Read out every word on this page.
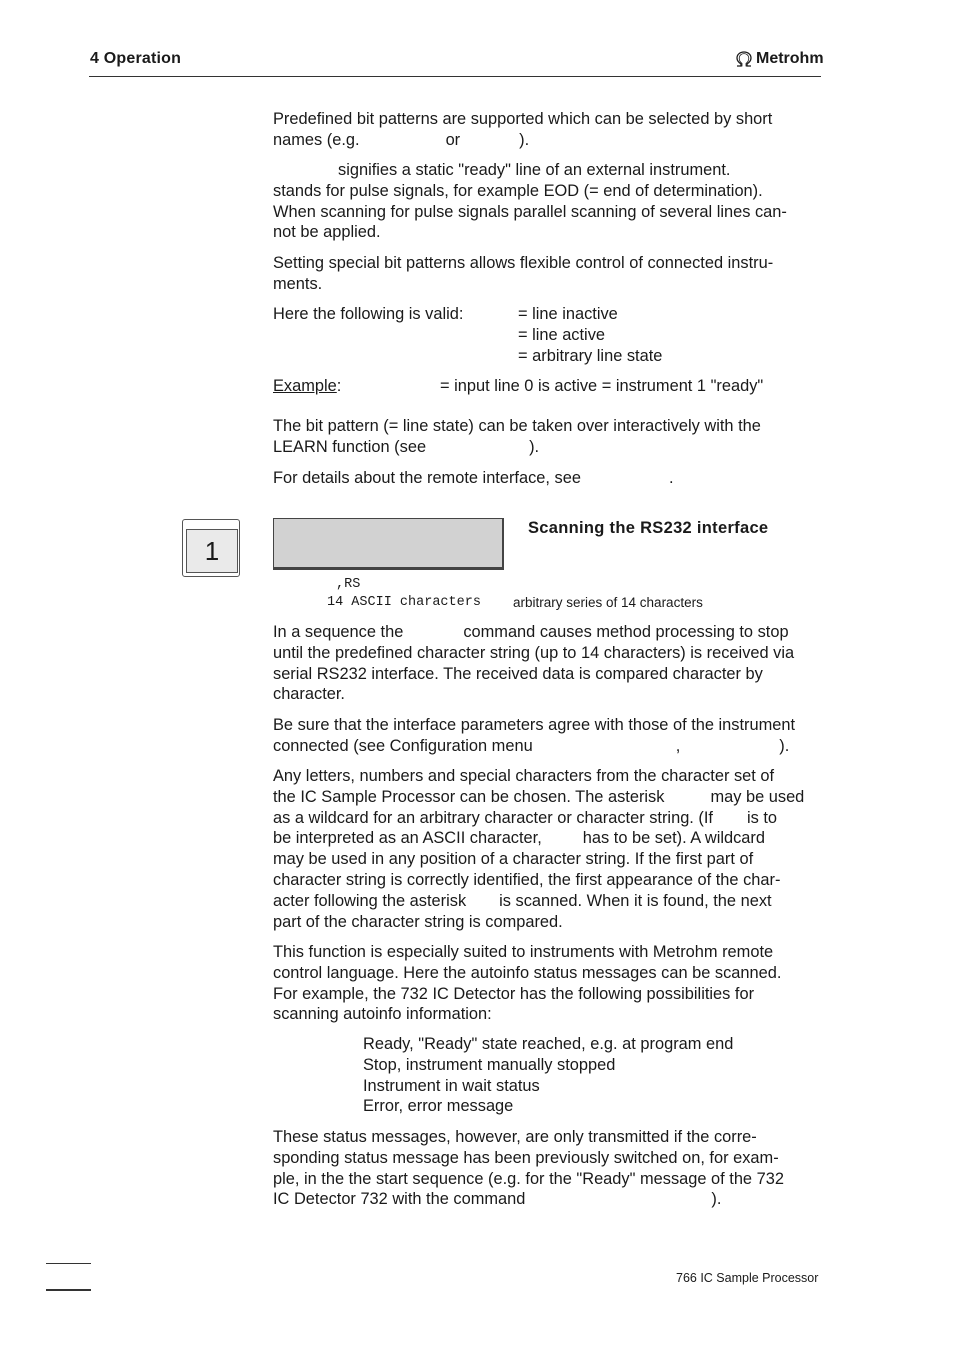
4 Operation	Metrohm
Predefined bit patterns are supported which can be selected by short
names (e.g.	or	).
signifies a static "ready" line of an external instrument.
stands for pulse signals, for example EOD (= end of determination).
When scanning for pulse signals parallel scanning of several lines can-
not be applied.
Setting special bit patterns allows flexible control of connected instru-
ments.
Here the following is valid:	= line inactive
= line active
= arbitrary line state
Example:	= input line 0 is active = instrument 1 "ready"
The bit pattern (= line state) can be taken over interactively with the
LEARN function (see	).
For details about the remote interface, see	.
1
Scanning the RS232 interface
,RS
14 ASCII characters arbitrary series of 14 characters
In a sequence the	command causes method processing to stop
until the predefined character string (up to 14 characters) is received via
serial RS232 interface. The received data is compared character by
character.
Be sure that the interface parameters agree with those of the instrument
connected (see Configuration menu	,	).
Any letters, numbers and special characters from the character set of
the IC Sample Processor can be chosen. The asterisk	may be used
as a wildcard for an arbitrary character or character string. (If is to
be interpreted as an ASCII character,	has to be set). A wildcard
may be used in any position of a character string. If the first part of
character string is correctly identified, the first appearance of the char-
acter following the asterisk is scanned. When it is found, the next
part of the character string is compared.
This function is especially suited to instruments with Metrohm remote
control language. Here the autoinfo status messages can be scanned.
For example, the 732 IC Detector has the following possibilities for
scanning autoinfo information:
Ready, "Ready" state reached, e.g. at program end
Stop, instrument manually stopped
Instrument in wait status
Error, error message
These status messages, however, are only transmitted if the corre-
sponding status message has been previously switched on, for exam-
ple, in the the start sequence (e.g. for the "Ready" message of the 732
IC Detector 732 with the command	).
766 IC Sample Processor
